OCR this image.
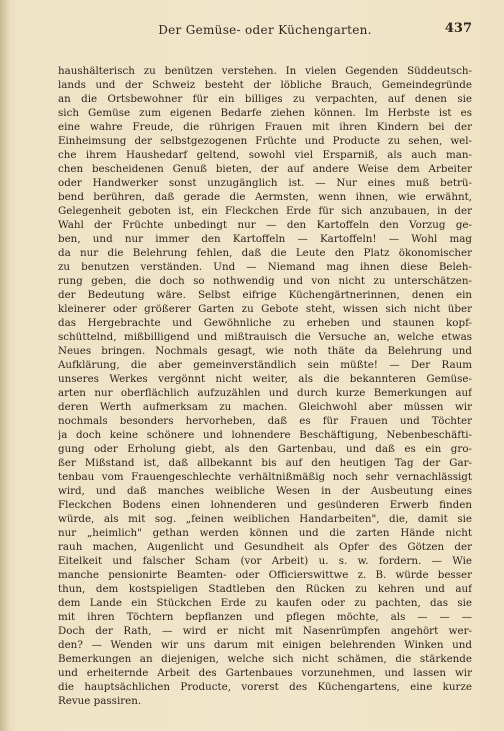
Der Gemüse- oder Küchengarten.	437
haushälterisch zu benützen verstehen. In vielen Gegenden Süddeutsch-
lands und der Schweiz besteht der löbliche Brauch, Gemeindegründe
an die Ortsbewohner für ein billiges zu verpachten, auf denen sie
sich Gemüse zum eigenen Bedarfe ziehen können. Im Herbste ist es
eine wahre Freude, die rührigen Frauen mit ihren Kindern bei der
Einheimsung der selbstgezogenen Früchte und Producte zu sehen, wel-
che ihrem Haushedarf geltend, sowohl viel Ersparniß, als auch man-
chen bescheidenen Genuß bieten, der auf andere Weise dem Arbeiter
oder Handwerker sonst unzugänglich ist. — Nur eines muß betrü-
bend berühren, daß gerade die Aermsten, wenn ihnen, wie erwähnt,
Gelegenheit geboten ist, ein Fleckchen Erde für sich anzubauen, in der
Wahl der Früchte unbedingt nur — den Kartoffeln den Vorzug ge-
ben, und nur immer den Kartoffeln — Kartoffeln! — Wohl mag
da nur die Belehrung fehlen, daß die Leute den Platz ökonomischer
zu benutzen verständen. Und — Niemand mag ihnen diese Beleh-
rung geben, die doch so nothwendig und von nicht zu unterschätzen-
der Bedeutung wäre. Selbst eifrige Küchengärtnerinnen, denen ein
kleinerer oder größerer Garten zu Gebote steht, wissen sich nicht über
das Hergebrachte und Gewöhnliche zu erheben und staunen kopf-
schüttelnd, mißbilligend und mißtrauisch die Versuche an, welche etwas
Neues bringen. Nochmals gesagt, wie noth thäte da Belehrung und
Aufklärung, die aber gemeinverständlich sein müßte! — Der Raum
unseres Werkes vergönnt nicht weiter, als die bekannteren Gemüse-
arten nur oberflächlich aufzuzählen und durch kurze Bemerkungen auf
deren Werth aufmerksam zu machen. Gleichwohl aber müssen wir
nochmals besonders hervorheben, daß es für Frauen und Töchter
ja doch keine schönere und lohnendere Beschäftigung, Nebenbeschäfti-
gung oder Erholung giebt, als den Gartenbau, und daß es ein gro-
ßer Mißstand ist, daß allbekannt bis auf den heutigen Tag der Gar-
tenbau vom Frauengeschlechte verhältnißmäßig noch sehr vernachlässigt
wird, und daß manches weibliche Wesen in der Ausbeutung eines
Fleckchen Bodens einen lohnenderen und gesünderen Erwerb finden
würde, als mit sog. „feinen weiblichen Handarbeiten", die, damit sie
nur „heimlich" gethan werden können und die zarten Hände nicht
rauh machen, Augenlicht und Gesundheit als Opfer des Götzen der
Eitelkeit und falscher Scham (vor Arbeit) u. s. w. fordern. — Wie
manche pensionirte Beamten- oder Officierswittwe z. B. würde besser
thun, dem kostspieligen Stadtleben den Rücken zu kehren und auf
dem Lande ein Stückchen Erde zu kaufen oder zu pachten, das sie
mit ihren Töchtern bepflanzen und pflegen möchte, als — — —
Doch der Rath, — wird er nicht mit Nasenrümpfen angehört wer-
den? — Wenden wir uns darum mit einigen belehrenden Winken und
Bemerkungen an diejenigen, welche sich nicht schämen, die stärkende
und erheiternde Arbeit des Gartenbaues vorzunehmen, und lassen wir
die hauptsächlichen Producte, vorerst des Küchengartens, eine kurze
Revue passiren.
